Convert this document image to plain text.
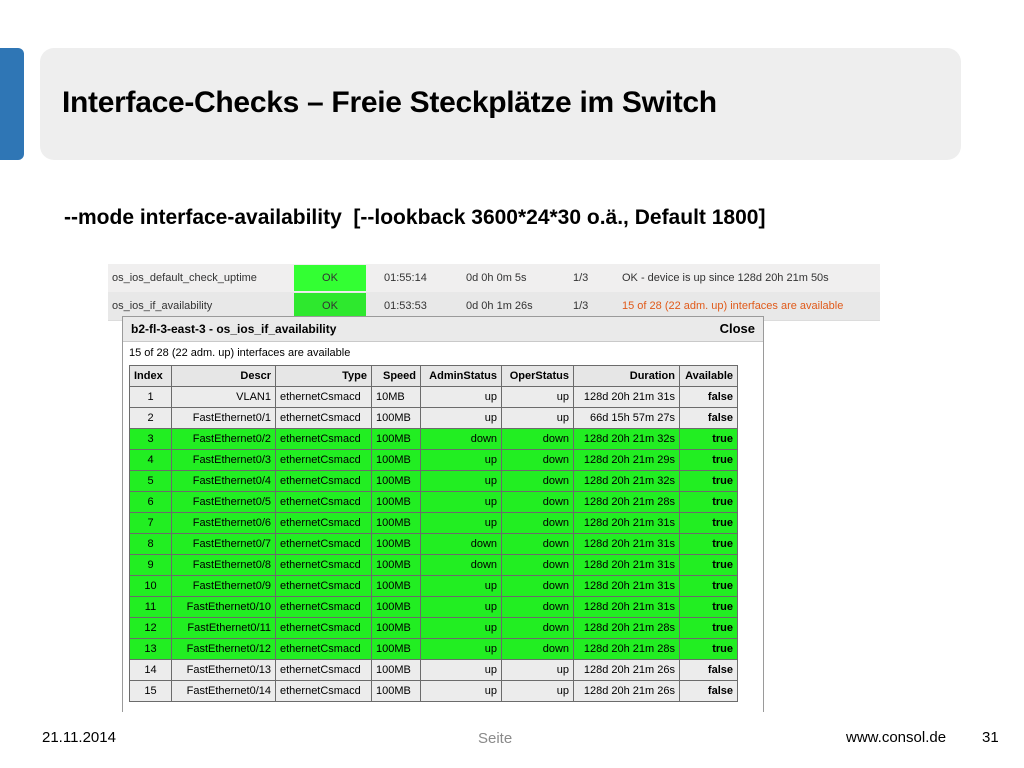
Interface-Checks – Freie Steckplätze im Switch
--mode interface-availability  [--lookback 3600*24*30 o.ä., Default 1800]
os_ios_default_check_uptime	OK	01:55:14	0d 0h 0m 5s	1/3	OK - device is up since 128d 20h 21m 50s
os_ios_if_availability	OK	01:53:53	0d 0h 1m 26s	1/3	15 of 28 (22 adm. up) interfaces are available
b2-fl-3-east-3 - os_ios_if_availability	Close
15 of 28 (22 adm. up) interfaces are available
Index	Descr	Type	Speed	AdminStatus	OperStatus	Duration	Available
1	VLAN1	ethernetCsmacd	10MB	up	up	128d 20h 21m 31s	false
2	FastEthernet0/1	ethernetCsmacd	100MB	up	up	66d 15h 57m 27s	false
3	FastEthernet0/2	ethernetCsmacd	100MB	down	down	128d 20h 21m 32s	true
4	FastEthernet0/3	ethernetCsmacd	100MB	up	down	128d 20h 21m 29s	true
5	FastEthernet0/4	ethernetCsmacd	100MB	up	down	128d 20h 21m 32s	true
6	FastEthernet0/5	ethernetCsmacd	100MB	up	down	128d 20h 21m 28s	true
7	FastEthernet0/6	ethernetCsmacd	100MB	up	down	128d 20h 21m 31s	true
8	FastEthernet0/7	ethernetCsmacd	100MB	down	down	128d 20h 21m 31s	true
9	FastEthernet0/8	ethernetCsmacd	100MB	down	down	128d 20h 21m 31s	true
10	FastEthernet0/9	ethernetCsmacd	100MB	up	down	128d 20h 21m 31s	true
11	FastEthernet0/10	ethernetCsmacd	100MB	up	down	128d 20h 21m 31s	true
12	FastEthernet0/11	ethernetCsmacd	100MB	up	down	128d 20h 21m 28s	true
13	FastEthernet0/12	ethernetCsmacd	100MB	up	down	128d 20h 21m 28s	true
14	FastEthernet0/13	ethernetCsmacd	100MB	up	up	128d 20h 21m 26s	false
15	FastEthernet0/14	ethernetCsmacd	100MB	up	up	128d 20h 21m 26s	false
21.11.2014	Seite	www.consol.de 31
